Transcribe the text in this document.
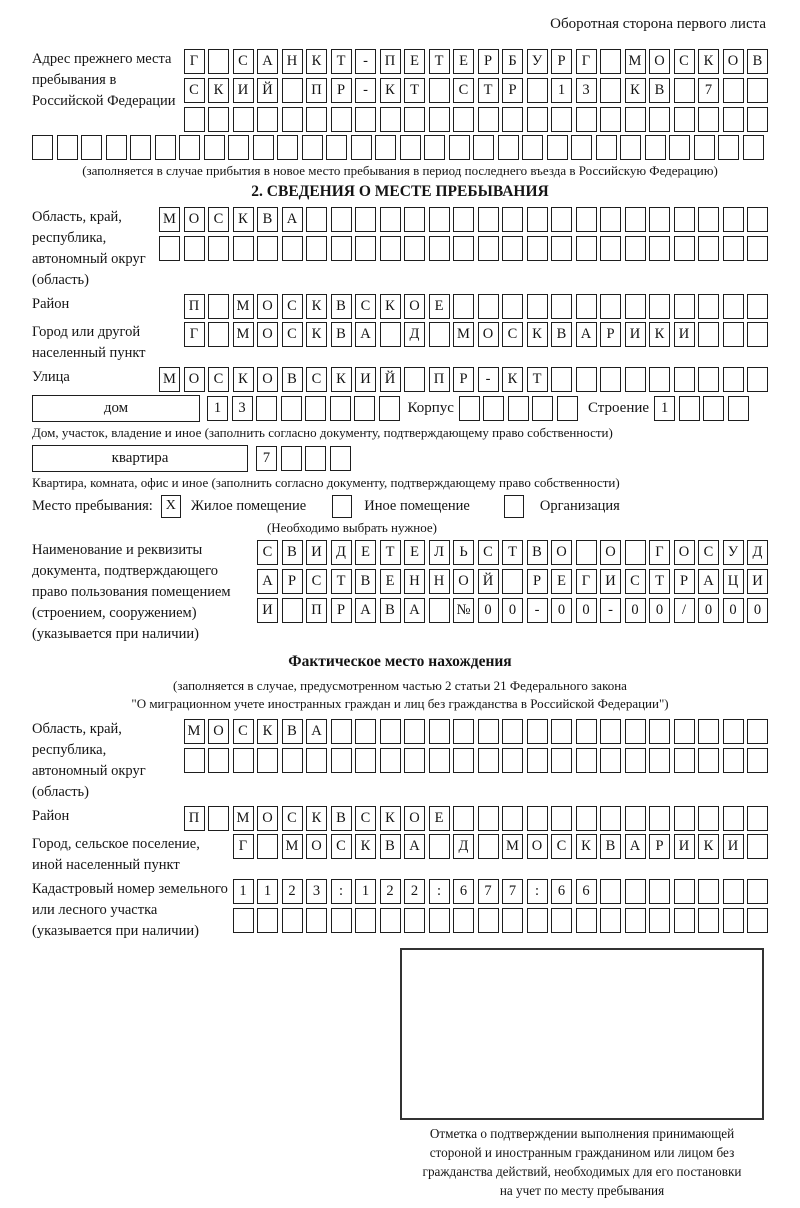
Оборотная сторона первого листа
Адрес прежнего места пребывания в Российской Федерации
Г	С А Н К	Т	-	П	Е	Т	Е	Р	Б	У	Р	Г	М О С	К О В
С	К И Й	П	Р	-	К	Т	С	Т	Р	1	3	К	В	7
(заполняется в случае прибытия в новое место пребывания в период последнего въезда в Российскую Федерацию)
2. СВЕДЕНИЯ О МЕСТЕ ПРЕБЫВАНИЯ
Область, край, республика, автономный округ (область)
М О С	К	В А
Район	П	М О С	К	В	С	К О	Е
Город или другой населенный пункт
Г	М О С	К	В А	Д	М О С	К	В А	Р	И К И
Улица	М О С	К О В	С	К И Й	П	Р	-	К	Т
дом	1	3	Корпус	Строение 1
Дом, участок, владение и иное (заполнить согласно документу, подтверждающему право собственности)
квартира	7
Квартира, комната, офис и иное (заполнить согласно документу, подтверждающему право собственности)
Место пребывания: X	Жилое помещение	Иное помещение	Организация
(Необходимо выбрать нужное)
Наименование и реквизиты документа, подтверждающего право пользования помещением (строением, сооружением) (указывается при наличии)
С	В И Д	Е	Т	Е	Л	Ь	С	Т	В О	О	Г	О С	У Д
А	Р	С	Т	В	Е	Н Н О Й	Р	Е	Г	И С	Т	Р	А Ц И
И	П	Р	А В А	№ 0	0	-	0	0	-	0	0	/	0	0	0
Фактическое место нахождения
(заполняется в случае, предусмотренном частью 2 статьи 21 Федерального закона
"О миграционном учете иностранных граждан и лиц без гражданства в Российской Федерации")
Область, край, республика, автономный округ (область)
М О С	К	В А
Район	П	М О С	К	В	С	К О	Е
Город, сельское поселение, иной населенный пункт
Г	М О С	К	В А	Д	М О С	К	В А	Р	И К И
Кадастровый номер земельного или лесного участка (указывается при наличии)
1	1	2	3	:	1	2	2	:	6	7	7	:	6	6
Отметка о подтверждении выполнения принимающей
стороной и иностранным гражданином или лицом без
гражданства действий, необходимых для его постановки
на учет по месту пребывания
